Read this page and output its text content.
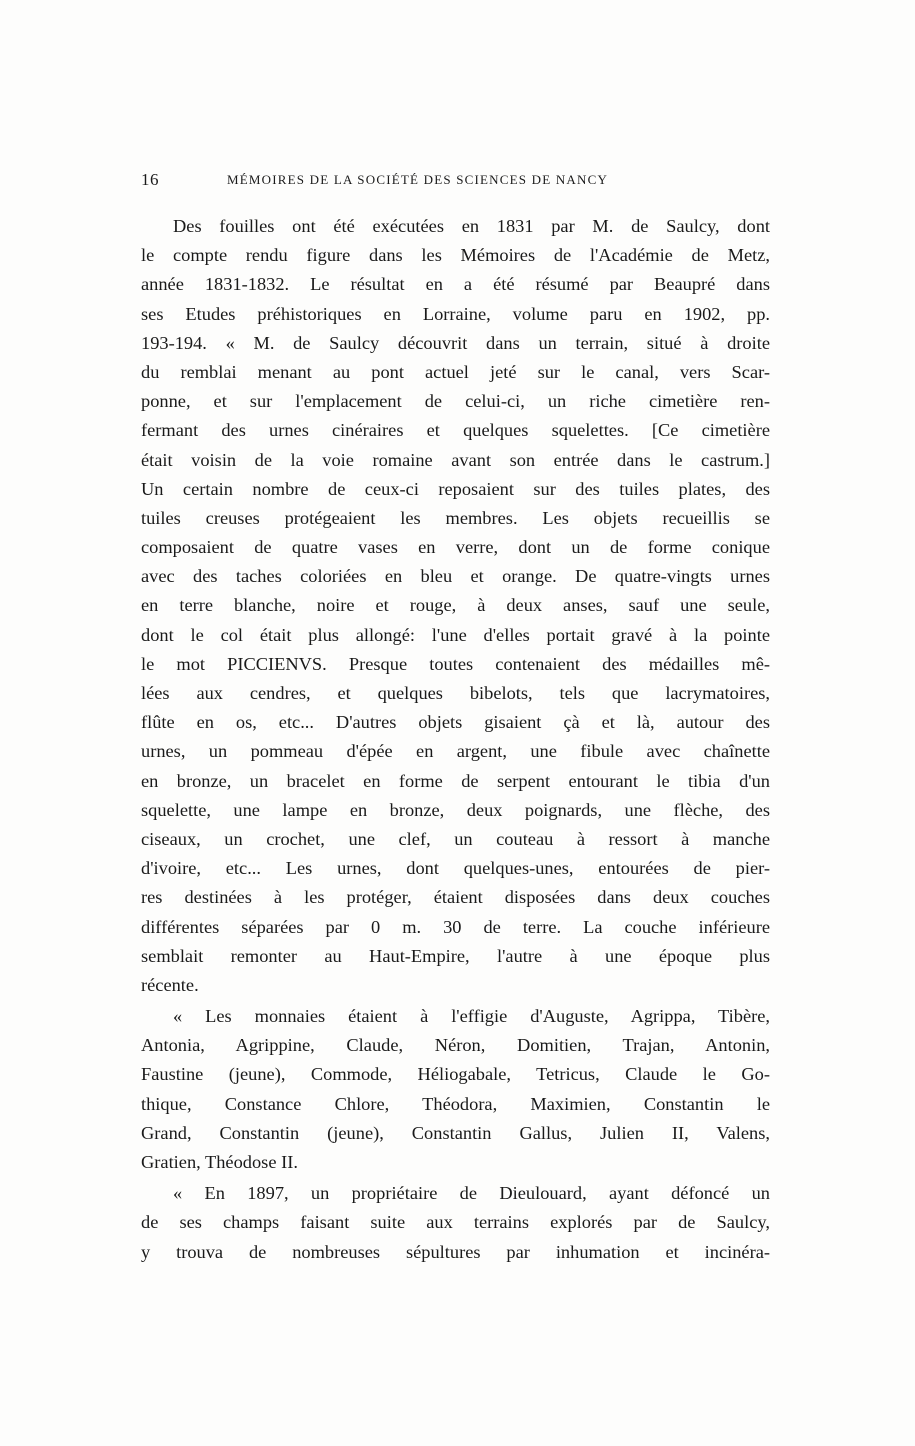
16	MÉMOIRES DE LA SOCIÉTÉ DES SCIENCES DE NANCY
Des fouilles ont été exécutées en 1831 par M. de Saulcy, dont
le compte rendu figure dans les Mémoires de l'Académie de Metz,
année 1831-1832. Le résultat en a été résumé par Beaupré dans
ses Etudes préhistoriques en Lorraine, volume paru en 1902, pp.
193-194. « M. de Saulcy découvrit dans un terrain, situé à droite
du remblai menant au pont actuel jeté sur le canal, vers Scar-
ponne, et sur l'emplacement de celui-ci, un riche cimetière ren-
fermant des urnes cinéraires et quelques squelettes. [Ce cimetière
était voisin de la voie romaine avant son entrée dans le castrum.]
Un certain nombre de ceux-ci reposaient sur des tuiles plates, des
tuiles creuses protégeaient les membres. Les objets recueillis se
composaient de quatre vases en verre, dont un de forme conique
avec des taches coloriées en bleu et orange. De quatre-vingts urnes
en terre blanche, noire et rouge, à deux anses, sauf une seule,
dont le col était plus allongé: l'une d'elles portait gravé à la pointe
le mot PICCIENVS. Presque toutes contenaient des médailles mê-
lées aux cendres, et quelques bibelots, tels que lacrymatoires,
flûte en os, etc... D'autres objets gisaient çà et là, autour des
urnes, un pommeau d'épée en argent, une fibule avec chaînette
en bronze, un bracelet en forme de serpent entourant le tibia d'un
squelette, une lampe en bronze, deux poignards, une flèche, des
ciseaux, un crochet, une clef, un couteau à ressort à manche
d'ivoire, etc... Les urnes, dont quelques-unes, entourées de pier-
res destinées à les protéger, étaient disposées dans deux couches
différentes séparées par 0 m. 30 de terre. La couche inférieure
semblait remonter au Haut-Empire, l'autre à une époque plus
récente.
« Les monnaies étaient à l'effigie d'Auguste, Agrippa, Tibère,
Antonia, Agrippine, Claude, Néron, Domitien, Trajan, Antonin,
Faustine (jeune), Commode, Héliogabale, Tetricus, Claude le Go-
thique, Constance Chlore, Théodora, Maximien, Constantin le
Grand, Constantin (jeune), Constantin Gallus, Julien II, Valens,
Gratien, Théodose II.
« En 1897, un propriétaire de Dieulouard, ayant défoncé un
de ses champs faisant suite aux terrains explorés par de Saulcy,
y trouva de nombreuses sépultures par inhumation et incinéra-
